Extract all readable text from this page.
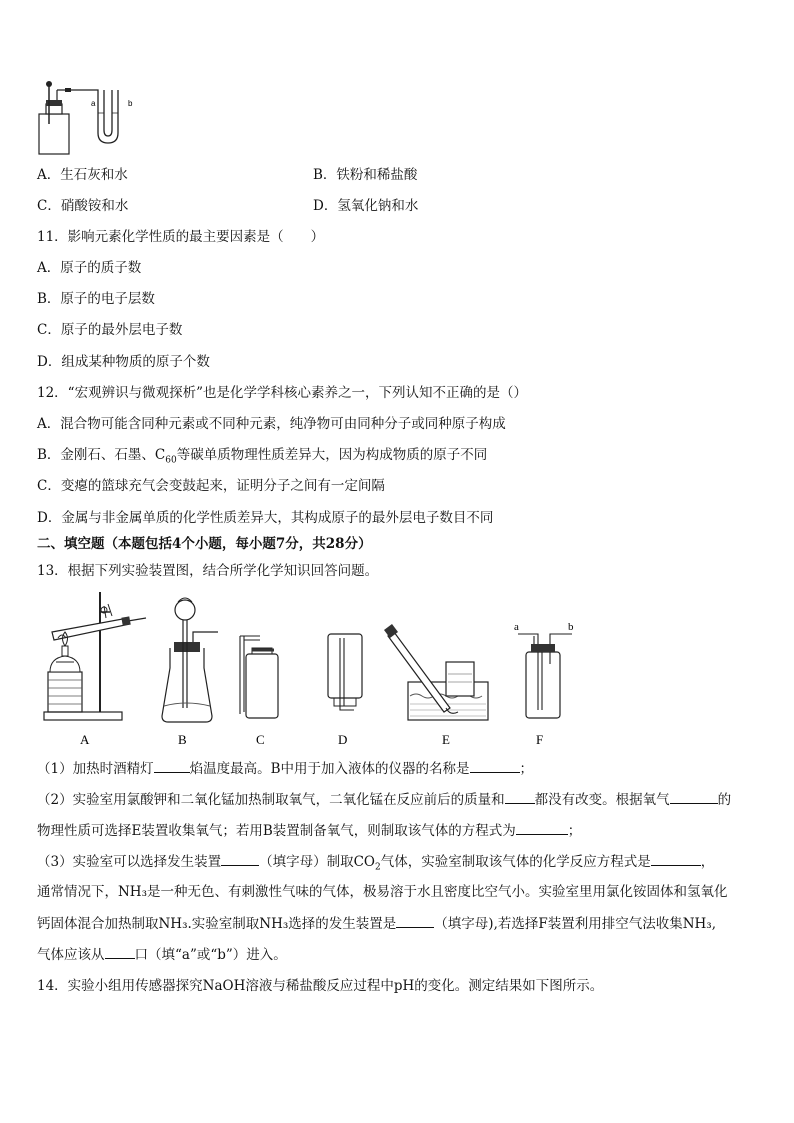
a	b
A．生石灰和水	B．铁粉和稀盐酸
C．硝酸铵和水	D．氢氧化钠和水
11．影响元素化学性质的最主要因素是（　　）
A．原子的质子数
B．原子的电子层数
C．原子的最外层电子数
D．组成某种物质的原子个数
12．“宏观辨识与微观探析”也是化学学科核心素养之一，下列认知不正确的是（）
A．混合物可能含同种元素或不同种元素，纯净物可由同种分子或同种原子构成
B．金刚石、石墨、$C_{60}$等碳单质物理性质差异大，因为构成物质的原子不同
C．变瘪的篮球充气会变鼓起来，证明分子之间有一定间隔
D．金属与非金属单质的化学性质差异大，其构成原子的最外层电子数目不同
二、填空题（本题包括4个小题，每小题7分，共28分）
13．根据下列实验装置图，结合所学化学知识回答问题。
A	B	C	D	E
a	b
F
（1）加热时酒精灯	焰温度最高。B中用于加入液体的仪器的名称是	；
（2）实验室用氯酸钾和二氧化锰加热制取氧气，二氧化锰在反应前后的质量和 都没有改变。根据氧气	的
物理性质可选择E装置收集氧气；若用B装置制备氧气，则制取该气体的方程式为	；
（3）实验室可以选择发生装置	（填字母）制取$CO_2$气体，实验室制取该气体的化学反应方程式是	，
通常情况下，NH₃是一种无色、有刺激性气味的气体，极易溶于水且密度比空气小。实验室里用氯化铵固体和氢氧化
钙固体混合加热制取NH₃.实验室制取NH₃选择的发生装置是	（填字母),若选择F装置利用排空气法收集NH₃,
气体应该从 口（填“a”或“b”）进入。
14．实验小组用传感器探究NaOH溶液与稀盐酸反应过程中pH的变化。测定结果如下图所示。
